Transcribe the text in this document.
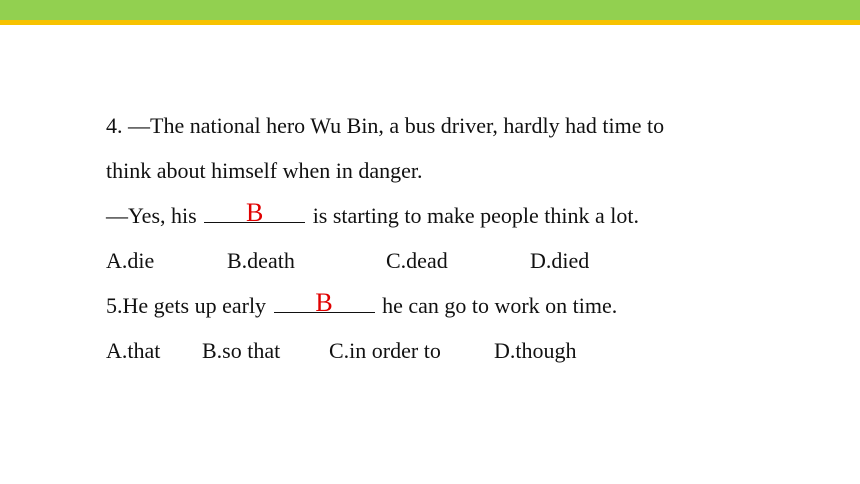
4. —The national hero Wu Bin, a bus driver, hardly had time to
think about himself when in danger.
—Yes, his	B	is starting to make people think a lot.
A.die	B.death	C.dead	D.died
5.He gets up early	B	he can go to work on time.
A.that B.so that C.in order to D.though
